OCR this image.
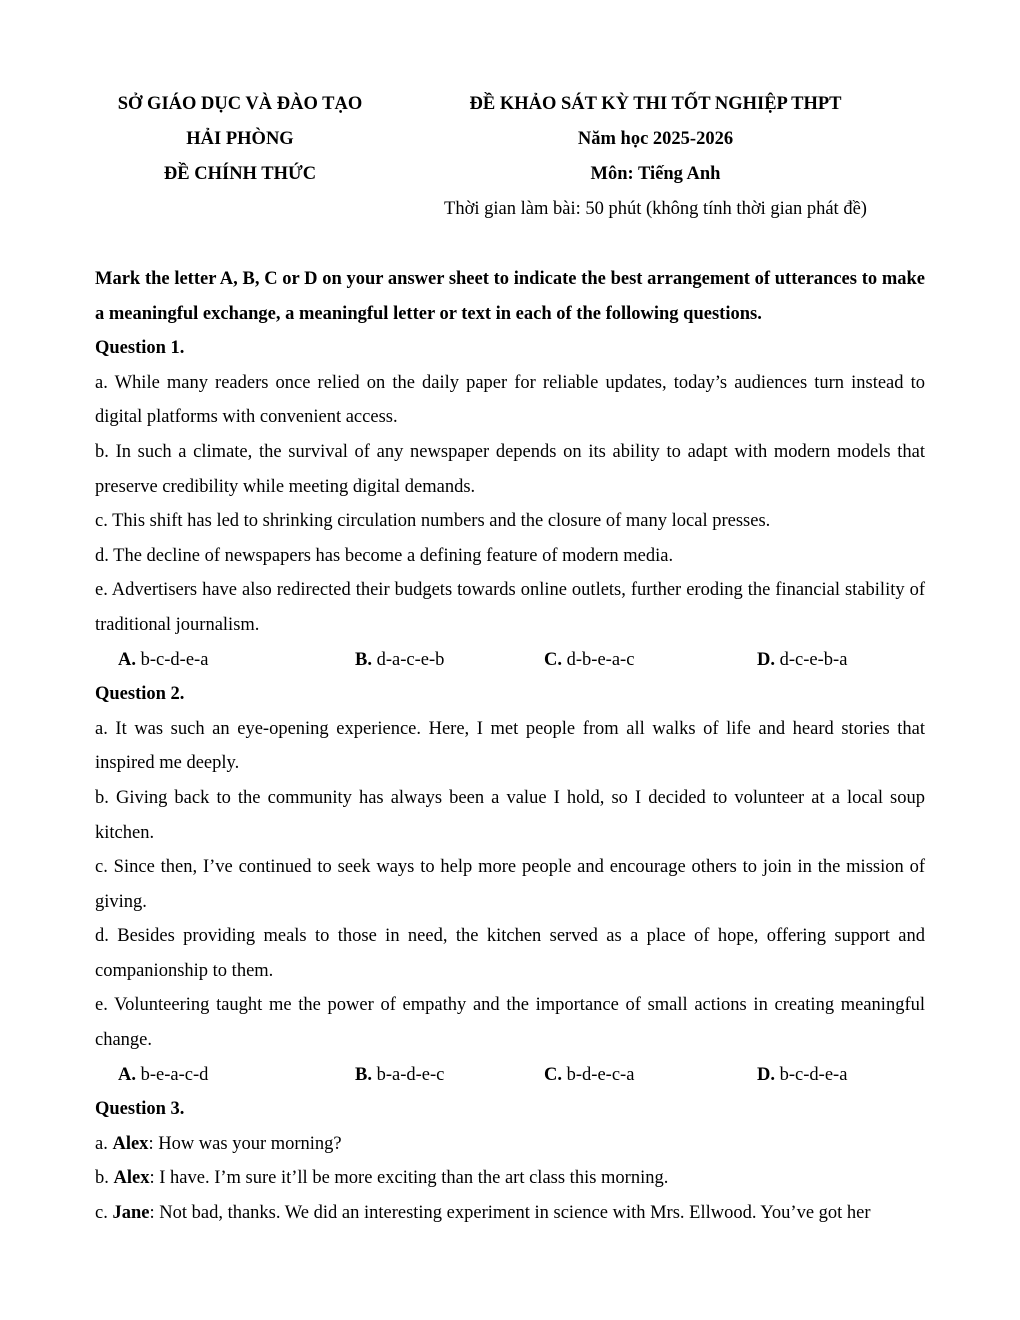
SỞ GIÁO DỤC VÀ ĐÀO TẠO
HẢI PHÒNG
ĐỀ CHÍNH THỨC
ĐỀ KHẢO SÁT KỲ THI TỐT NGHIỆP THPT
Năm học 2025-2026
Môn: Tiếng Anh
Thời gian làm bài: 50 phút (không tính thời gian phát đề)
Mark the letter A, B, C or D on your answer sheet to indicate the best arrangement of utterances to make a meaningful exchange, a meaningful letter or text in each of the following questions.
Question 1.
a. While many readers once relied on the daily paper for reliable updates, today’s audiences turn instead to digital platforms with convenient access.
b. In such a climate, the survival of any newspaper depends on its ability to adapt with modern models that preserve credibility while meeting digital demands.
c. This shift has led to shrinking circulation numbers and the closure of many local presses.
d. The decline of newspapers has become a defining feature of modern media.
e. Advertisers have also redirected their budgets towards online outlets, further eroding the financial stability of traditional journalism.
A. b-c-d-e-a	B. d-a-c-e-b	C. d-b-e-a-c	D. d-c-e-b-a
Question 2.
a. It was such an eye-opening experience. Here, I met people from all walks of life and heard stories that inspired me deeply.
b. Giving back to the community has always been a value I hold, so I decided to volunteer at a local soup kitchen.
c. Since then, I’ve continued to seek ways to help more people and encourage others to join in the mission of giving.
d. Besides providing meals to those in need, the kitchen served as a place of hope, offering support and companionship to them.
e. Volunteering taught me the power of empathy and the importance of small actions in creating meaningful change.
A. b-e-a-c-d	B. b-a-d-e-c	C. b-d-e-c-a	D. b-c-d-e-a
Question 3.
a. Alex: How was your morning?
b. Alex: I have. I’m sure it’ll be more exciting than the art class this morning.
c. Jane: Not bad, thanks. We did an interesting experiment in science with Mrs. Ellwood. You’ve got her
